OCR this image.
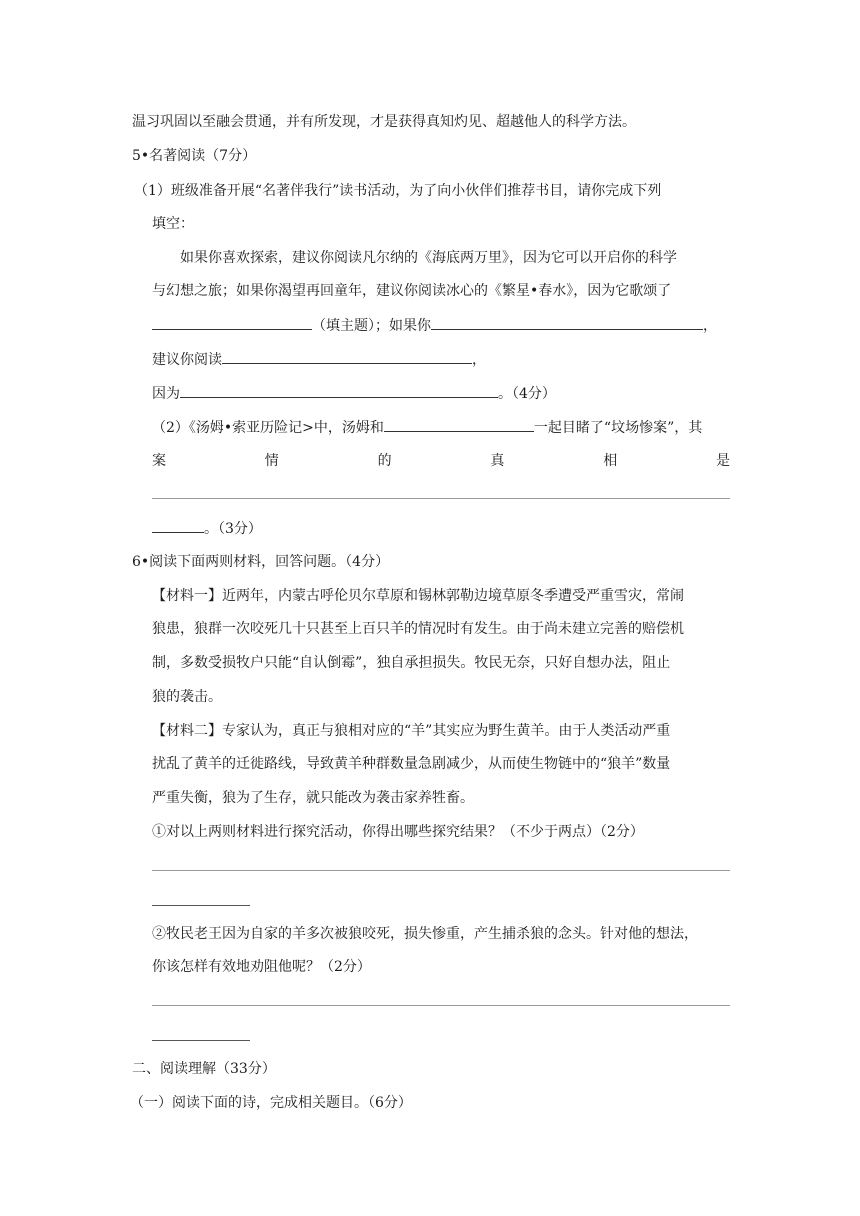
温习巩固以至融会贯通，并有所发现，才是获得真知灼见、超越他人的科学方法。
5•名著阅读（7分）
（1）班级准备开展“名著伴我行”读书活动，为了向小伙伴们推荐书目，请你完成下列
填空：
如果你喜欢探索，建议你阅读凡尔纳的《海底两万里》，因为它可以开启你的科学
与幻想之旅；如果你渴望再回童年，建议你阅读冰心的《繁星•春水》，因为它歌颂了
（填主题）；如果你	，
建议你阅读	，
因为	。（4分）
（2）《汤姆•索亚历险记>中，汤姆和	一起目睹了“坟场惨案”，其
案	情	的	真	相	是
。（3分）
6•阅读下面两则材料，回答问题。（4分）
【材料一】近两年，内蒙古呼伦贝尔草原和锡林郭勒边境草原冬季遭受严重雪灾，常闹
狼患，狼群一次咬死几十只甚至上百只羊的情况时有发生。由于尚未建立完善的赔偿机
制，多数受损牧户只能“自认倒霉”，独自承担损失。牧民无奈，只好自想办法，阻止
狼的袭击。
【材料二】专家认为，真正与狼相对应的“羊”其实应为野生黄羊。由于人类活动严重
扰乱了黄羊的迁徙路线，导致黄羊种群数量急剧减少，从而使生物链中的“狼羊”数量
严重失衡，狼为了生存，就只能改为袭击家养牲畜。
①对以上两则材料进行探究活动，你得出哪些探究结果？（不少于两点）（2分）
②牧民老王因为自家的羊多次被狼咬死，损失惨重，产生捕杀狼的念头。针对他的想法，
你该怎样有效地劝阻他呢？（2分）
二、阅读理解（33分）
（一）阅读下面的诗，完成相关题目。（6分）
